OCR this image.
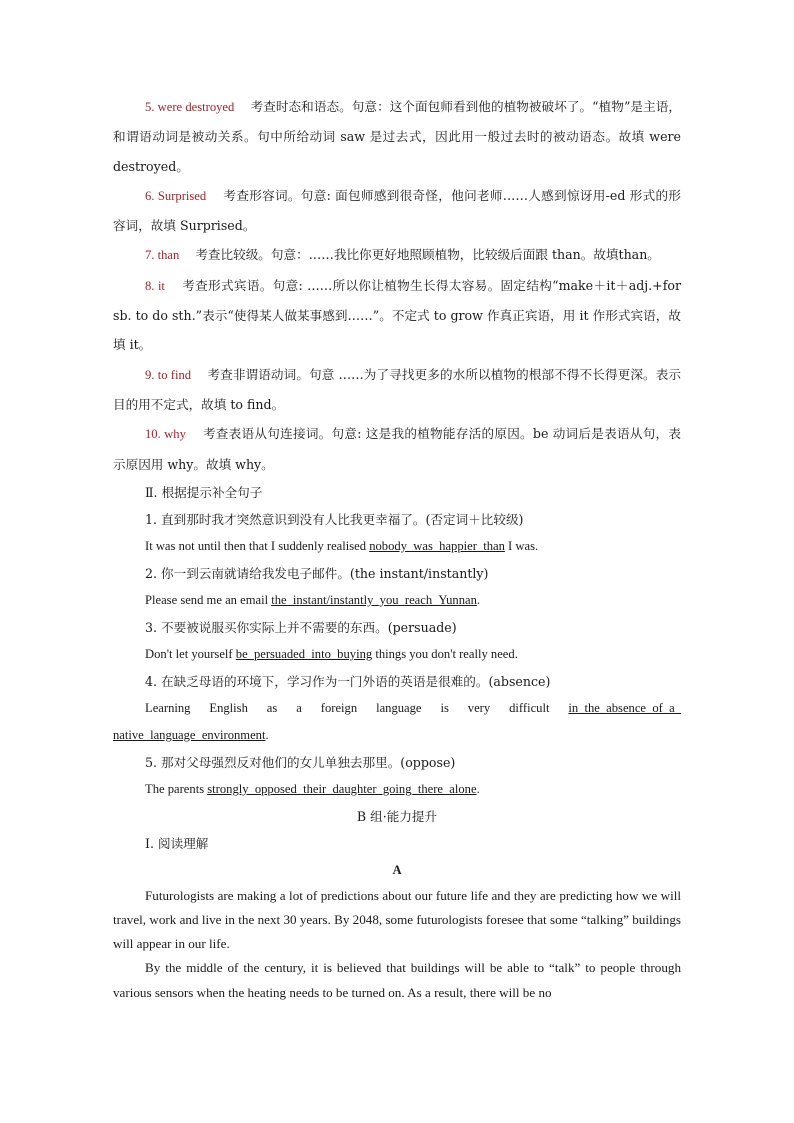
5. were destroyed 考查时态和语态。句意：这个面包师看到他的植物被破坏了。“植物”是主语，和谓语动词是被动关系。句中所给动词 saw 是过去式，因此用一般过去时的被动语态。故填 were destroyed。

6. Surprised 考查形容词。句意: 面包师感到很奇怪，他问老师……人感到惊讶用-ed 形式的形容词，故填 Surprised。

7. than 考查比较级。句意：……我比你更好地照顾植物，比较级后面跟 than。故填than。

8. it 考查形式宾语。句意: ……所以你让植物生长得太容易。固定结构“make＋it＋adj.+for sb. to do sth.”表示“使得某人做某事感到……”。不定式 to grow 作真正宾语，用 it 作形式宾语，故填 it。

9. to find 考查非谓语动词。句意 ……为了寻找更多的水所以植物的根部不得不长得更深。表示目的用不定式，故填 to find。

10. why 考查表语从句连接词。句意: 这是我的植物能存活的原因。be 动词后是表语从句，表示原因用 why。故填 why。

Ⅱ. 根据提示补全句子

1. 直到那时我才突然意识到没有人比我更幸福了。(否定词＋比较级)

It was not until then that I suddenly realised nobody_was_happier_than I was.

2. 你一到云南就请给我发电子邮件。(the instant/instantly)

Please send me an email the_instant/instantly_you_reach_Yunnan.

3. 不要被说服买你实际上并不需要的东西。(persuade)

Don't let yourself be_persuaded_into_buying things you don't really need.

4. 在缺乏母语的环境下，学习作为一门外语的英语是很难的。(absence)

Learning English as a foreign language is very difficult in_the_absence_of_a_

native_language_environment.

5. 那对父母强烈反对他们的女儿单独去那里。(oppose)

The parents strongly_opposed_their_daughter_going_there_alone.

B 组·能力提升

Ⅰ. 阅读理解

A

Futurologists are making a lot of predictions about our future life and they are predicting how we will travel, work and live in the next 30 years. By 2048, some futurologists foresee that some “talking” buildings will appear in our life.

By the middle of the century, it is believed that buildings will be able to “talk” to people through various sensors when the heating needs to be turned on. As a result, there will be no
